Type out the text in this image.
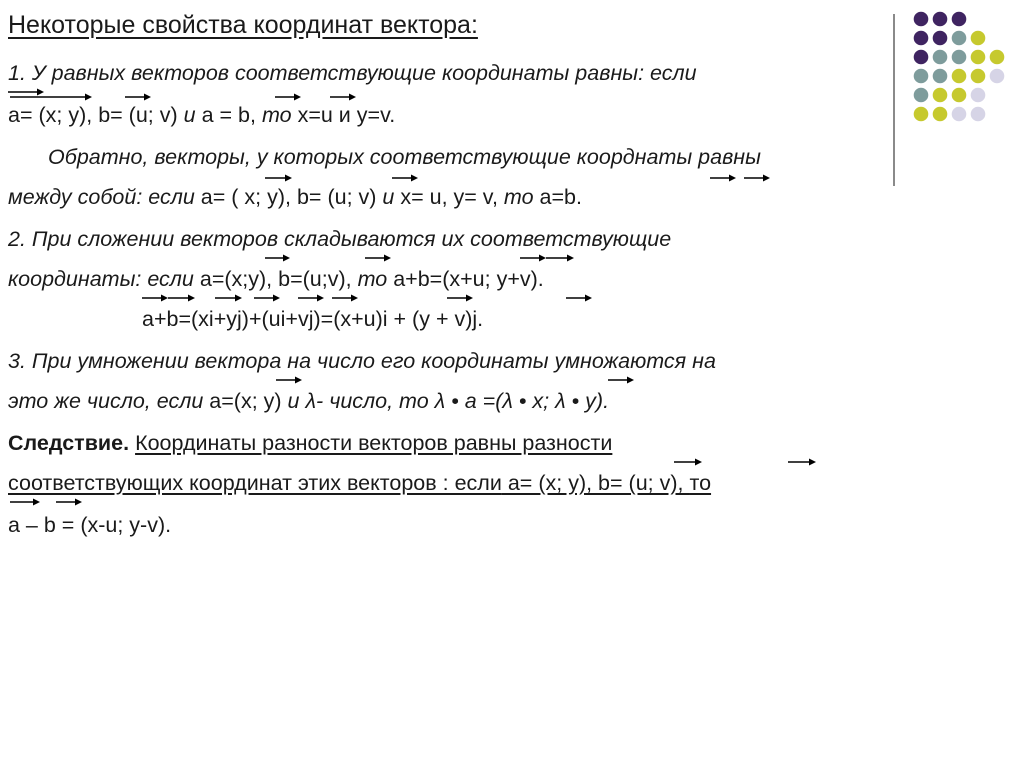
Некоторые свойства координат вектора:
1. У равных векторов соответствующие координаты равны: если
a= (x; y), b= (u; v) и a = b, то x=u и y=v.
Обратно, векторы, у которых соответствующие коорднаты равны
между собой: если a= ( x; y), b= (u; v) и x= u, y= v, то a=b.
2. При сложении векторов складываются их соответствующие
координаты: если a=(x;y), b=(u;v), то a+b=(x+u; y+v).
a+b=(xi+yj)+(ui+vj)=(x+u)i + (y + v)j.
3. При умножении вектора на число его координаты умножаются на
это же число, если a=(x; y) и λ- число, то λ • a =(λ • x; λ • y).
Следствие. Координаты разности векторов равны разности
соответствующих координат этих векторов : если a= (x; y), b= (u; v), то
a – b = (x-u; y-v).
